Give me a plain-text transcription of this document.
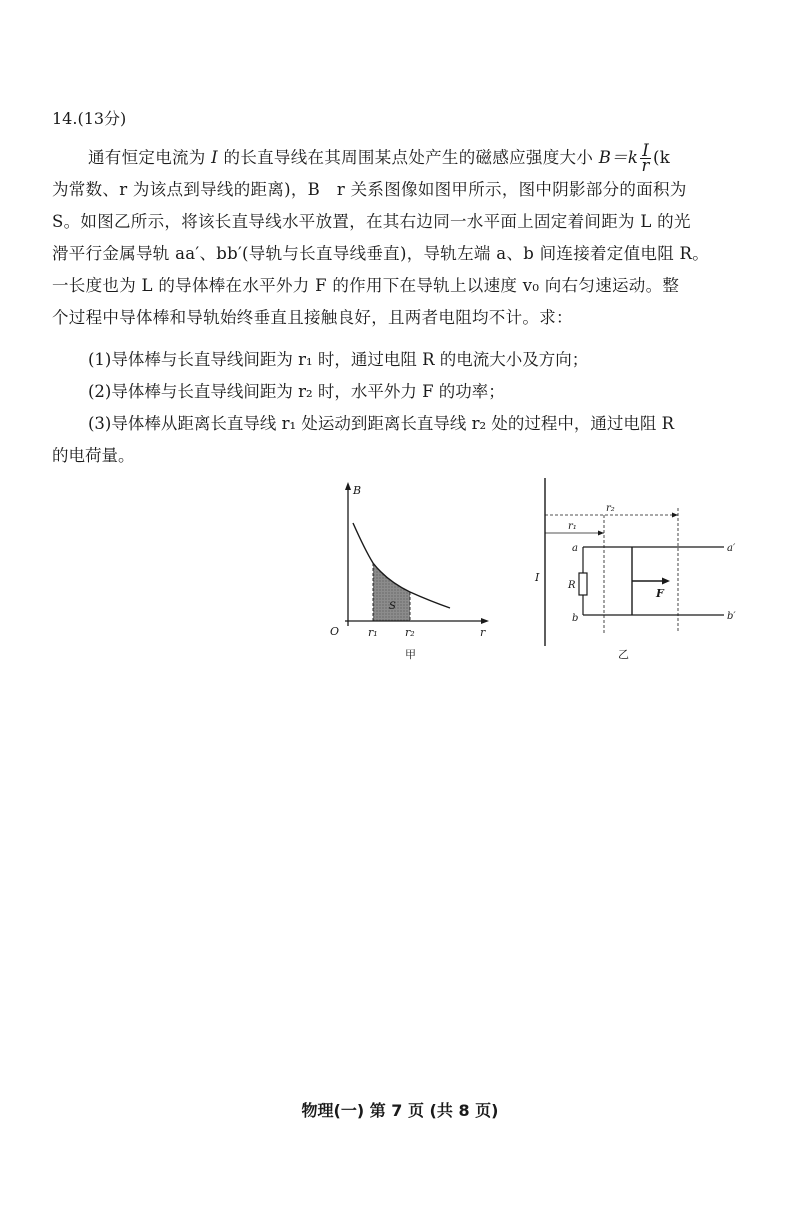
14.(13分)
通有恒定电流为 I 的长直导线在其周围某点处产生的磁感应强度大小 $B=k \frac{I}{r} (k$
为常数、r 为该点到导线的距离)，B　r 关系图像如图甲所示，图中阴影部分的面积为
S。如图乙所示，将该长直导线水平放置，在其右边同一水平面上固定着间距为 L 的光
滑平行金属导轨 aa′、bb′(导轨与长直导线垂直)，导轨左端 a、b 间连接着定值电阻 R。
一长度也为 L 的导体棒在水平外力 F 的作用下在导轨上以速度 v₀ 向右匀速运动。整
个过程中导体棒和导轨始终垂直且接触良好，且两者电阻均不计。求：
(1)导体棒与长直导线间距为 r₁ 时，通过电阻 R 的电流大小及方向；
(2)导体棒与长直导线间距为 r₂ 时，水平外力 F 的功率；
(3)导体棒从距离长直导线 r₁ 处运动到距离长直导线 r₂ 处的过程中，通过电阻 R
的电荷量。
B
r
O	r₁ r₂
S
甲
I
r₂
r₁
R
F
a
b
a′
b′
乙
物理(一) 第 7 页 (共 8 页)
